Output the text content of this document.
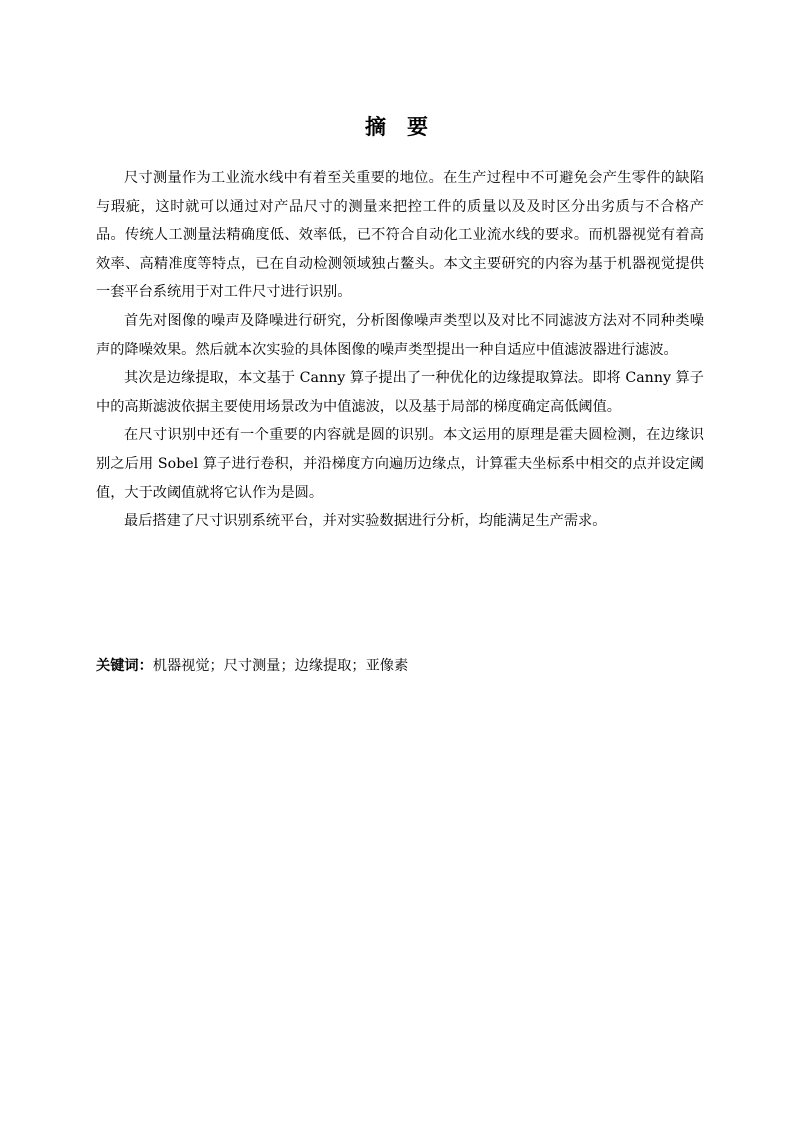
摘要

尺寸测量作为工业流水线中有着至关重要的地位。在生产过程中不可避免会产生零件的缺陷与瑕疵，这时就可以通过对产品尺寸的测量来把控工件的质量以及及时区分出劣质与不合格产品。传统人工测量法精确度低、效率低，已不符合自动化工业流水线的要求。而机器视觉有着高效率、高精准度等特点，已在自动检测领域独占鳌头。本文主要研究的内容为基于机器视觉提供一套平台系统用于对工件尺寸进行识别。

首先对图像的噪声及降噪进行研究，分析图像噪声类型以及对比不同滤波方法对不同种类噪声的降噪效果。然后就本次实验的具体图像的噪声类型提出一种自适应中值滤波器进行滤波。

其次是边缘提取，本文基于 Canny 算子提出了一种优化的边缘提取算法。即将 Canny 算子中的高斯滤波依据主要使用场景改为中值滤波，以及基于局部的梯度确定高低阈值。

在尺寸识别中还有一个重要的内容就是圆的识别。本文运用的原理是霍夫圆检测，在边缘识别之后用 Sobel 算子进行卷积，并沿梯度方向遍历边缘点，计算霍夫坐标系中相交的点并设定阈值，大于改阈值就将它认作为是圆。

最后搭建了尺寸识别系统平台，并对实验数据进行分析，均能满足生产需求。

关键词：机器视觉；尺寸测量；边缘提取；亚像素
